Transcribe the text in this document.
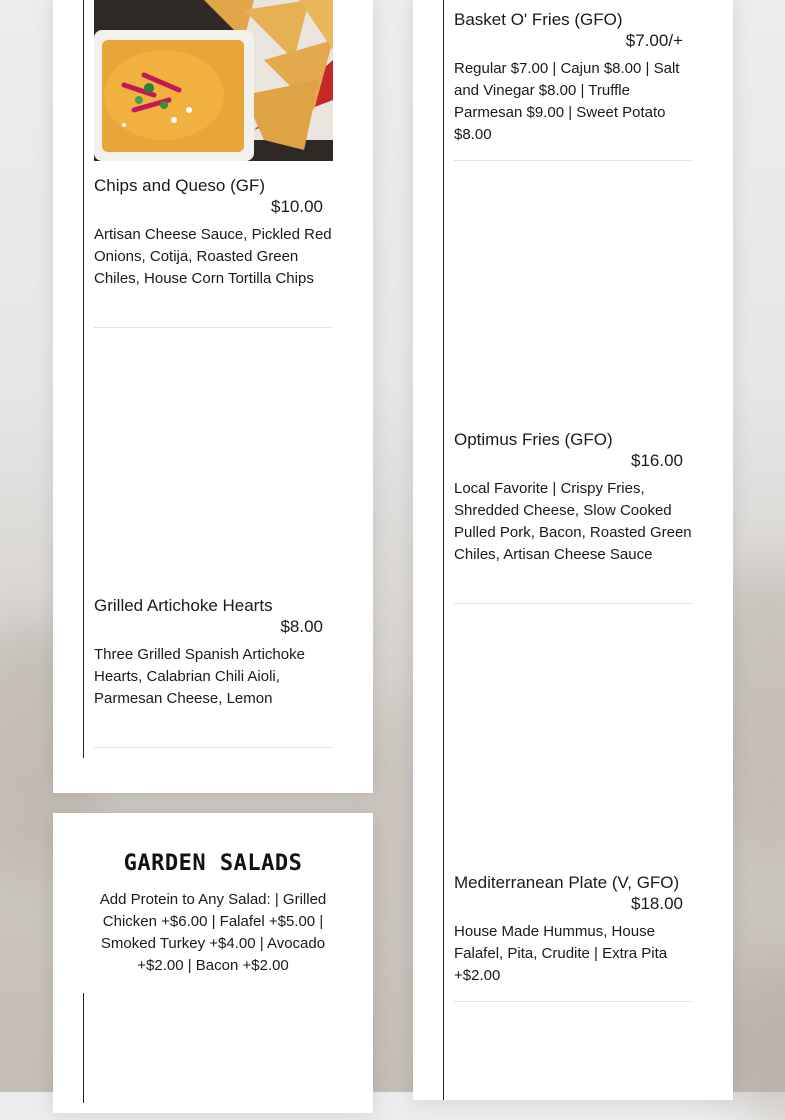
Chips and Queso (GF)

$10.00

Artisan Cheese Sauce, Pickled Red Onions, Cotija, Roasted Green Chiles, House Corn Tortilla Chips

Grilled Artichoke Hearts

$8.00

Three Grilled Spanish Artichoke Hearts, Calabrian Chili Aioli, Parmesan Cheese, Lemon
GARDEN SALADS
Add Protein to Any Salad: | Grilled Chicken +$6.00 | Falafel +$5.00 | Smoked Turkey +$4.00 | Avocado +$2.00 | Bacon +$2.00

Basket O' Fries (GFO)

$7.00/+

Regular $7.00 | Cajun $8.00 | Salt and Vinegar $8.00 | Truffle Parmesan $9.00 | Sweet Potato $8.00

Optimus Fries (GFO)

$16.00

Local Favorite | Crispy Fries, Shredded Cheese, Slow Cooked Pulled Pork, Bacon, Roasted Green Chiles, Artisan Cheese Sauce

Mediterranean Plate (V, GFO)

$18.00

House Made Hummus, House Falafel, Pita, Crudite | Extra Pita +$2.00
